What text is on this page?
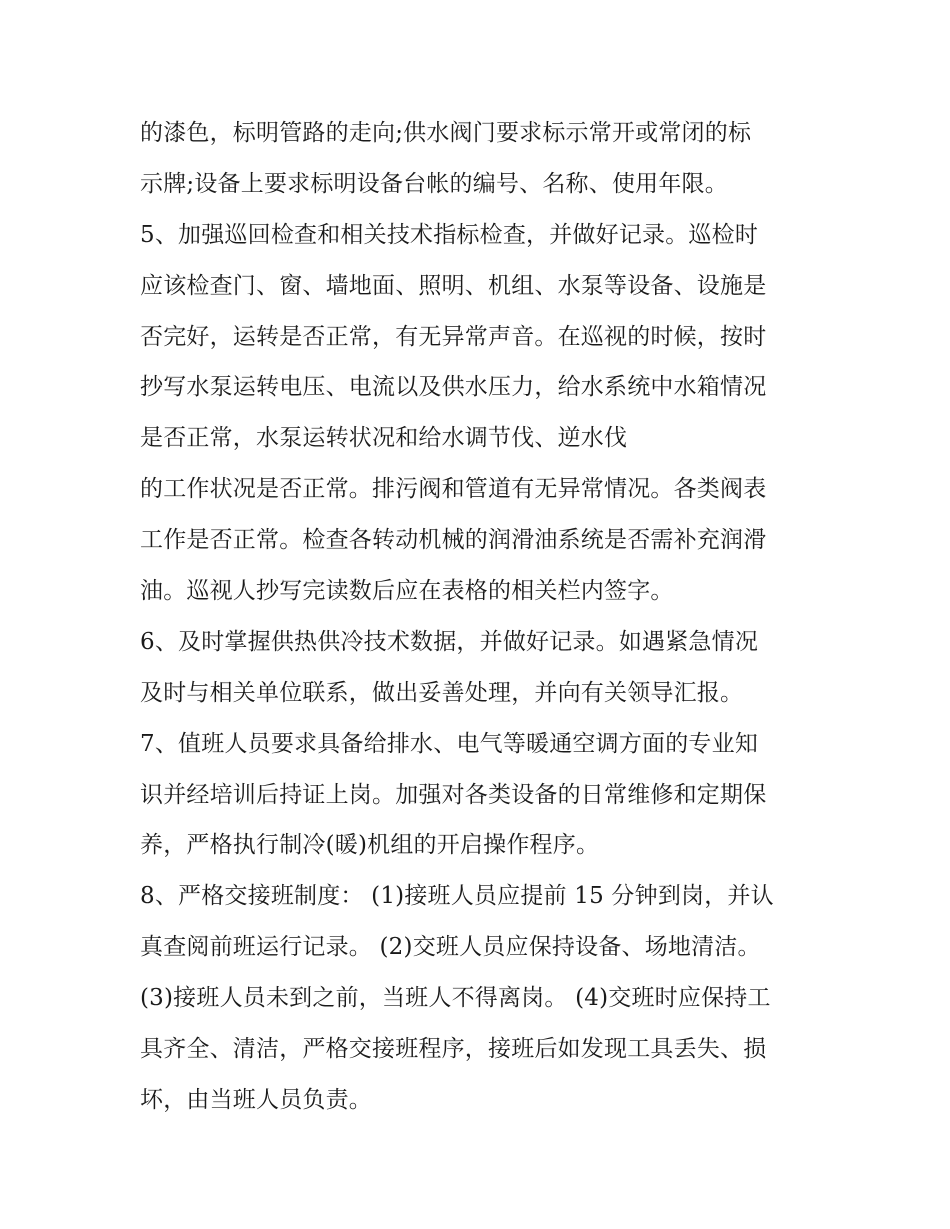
的漆色，标明管路的走向;供水阀门要求标示常开或常闭的标
示牌;设备上要求标明设备台帐的编号、名称、使用年限。
5、加强巡回检查和相关技术指标检查，并做好记录。巡检时
应该检查门、窗、墙地面、照明、机组、水泵等设备、设施是
否完好，运转是否正常，有无异常声音。在巡视的时候，按时
抄写水泵运转电压、电流以及供水压力，给水系统中水箱情况
是否正常，水泵运转状况和给水调节伐、逆水伐
的工作状况是否正常。排污阀和管道有无异常情况。各类阀表
工作是否正常。检查各转动机械的润滑油系统是否需补充润滑
油。巡视人抄写完读数后应在表格的相关栏内签字。
6、及时掌握供热供冷技术数据，并做好记录。如遇紧急情况
及时与相关单位联系，做出妥善处理，并向有关领导汇报。
7、值班人员要求具备给排水、电气等暖通空调方面的专业知
识并经培训后持证上岗。加强对各类设备的日常维修和定期保
养，严格执行制冷(暖)机组的开启操作程序。
8、严格交接班制度： (1)接班人员应提前 15 分钟到岗，并认
真查阅前班运行记录。 (2)交班人员应保持设备、场地清洁。
(3)接班人员未到之前，当班人不得离岗。 (4)交班时应保持工
具齐全、清洁，严格交接班程序，接班后如发现工具丢失、损
坏，由当班人员负责。
